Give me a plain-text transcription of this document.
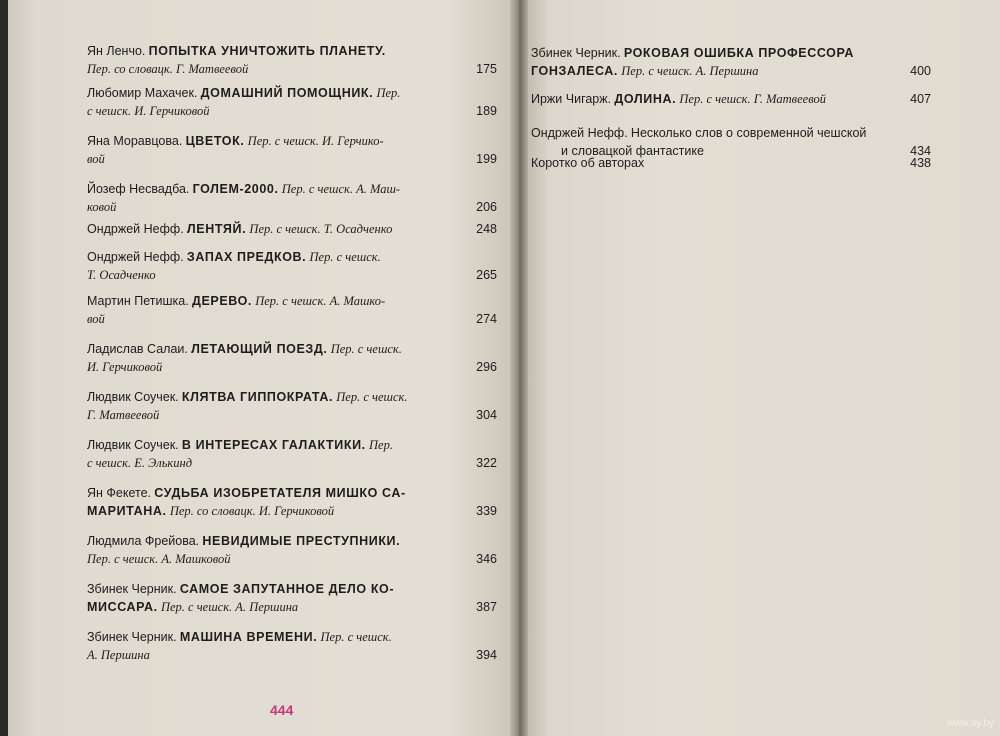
Ян Ленчо. ПОПЫТКА УНИЧТОЖИТЬ ПЛАНЕТУ.
Пер. со словацк. Г. Матвеевой	175
Любомир Махачек. ДОМАШНИЙ ПОМОЩНИК. Пер.
с чешск. И. Герчиковой	189
Яна Моравцова. ЦВЕТОК. Пер. с чешск. И. Герчико-
вой	199
Йозеф Несвадба. ГОЛЕМ-2000. Пер. с чешск. А. Маш-
ковой	206
Ондржей Нефф. ЛЕНТЯЙ. Пер. с чешск. Т. Осадченко	248
Ондржей Нефф. ЗАПАХ ПРЕДКОВ. Пер. с чешск.
Т. Осадченко	265
Мартин Петишка. ДЕРЕВО. Пер. с чешск. А. Машко-
вой	274
Ладислав Салаи. ЛЕТАЮЩИЙ ПОЕЗД. Пер. с чешск.
И. Герчиковой	296
Людвик Соучек. КЛЯТВА ГИППОКРАТА. Пер. с чешск.
Г. Матвеевой	304
Людвик Соучек. В ИНТЕРЕСАХ ГАЛАКТИКИ. Пер.
с чешск. Е. Элькинд	322
Ян Фекете. СУДЬБА ИЗОБРЕТАТЕЛЯ МИШКО СА-
МАРИТАНА. Пер. со словацк. И. Герчиковой	339
Людмила Фрейова. НЕВИДИМЫЕ ПРЕСТУПНИКИ.
Пер. с чешск. А. Машковой	346
Збинек Черник. САМОЕ ЗАПУТАННОЕ ДЕЛО КО-
МИССАРА. Пер. с чешск. А. Першина	387
Збинек Черник. МАШИНА ВРЕМЕНИ. Пер. с чешск.
А. Першина	394
Збинек Черник. РОКОВАЯ ОШИБКА ПРОФЕССОРА
ГОНЗАЛЕСА. Пер. с чешск. А. Першина	400
Иржи Чигарж. ДОЛИНА. Пер. с чешск. Г. Матвеевой	407
Ондржей Нефф. Несколько слов о современной чешской
и словацкой фантастике	434
Коротко об авторах	438
444
www.ay.by
